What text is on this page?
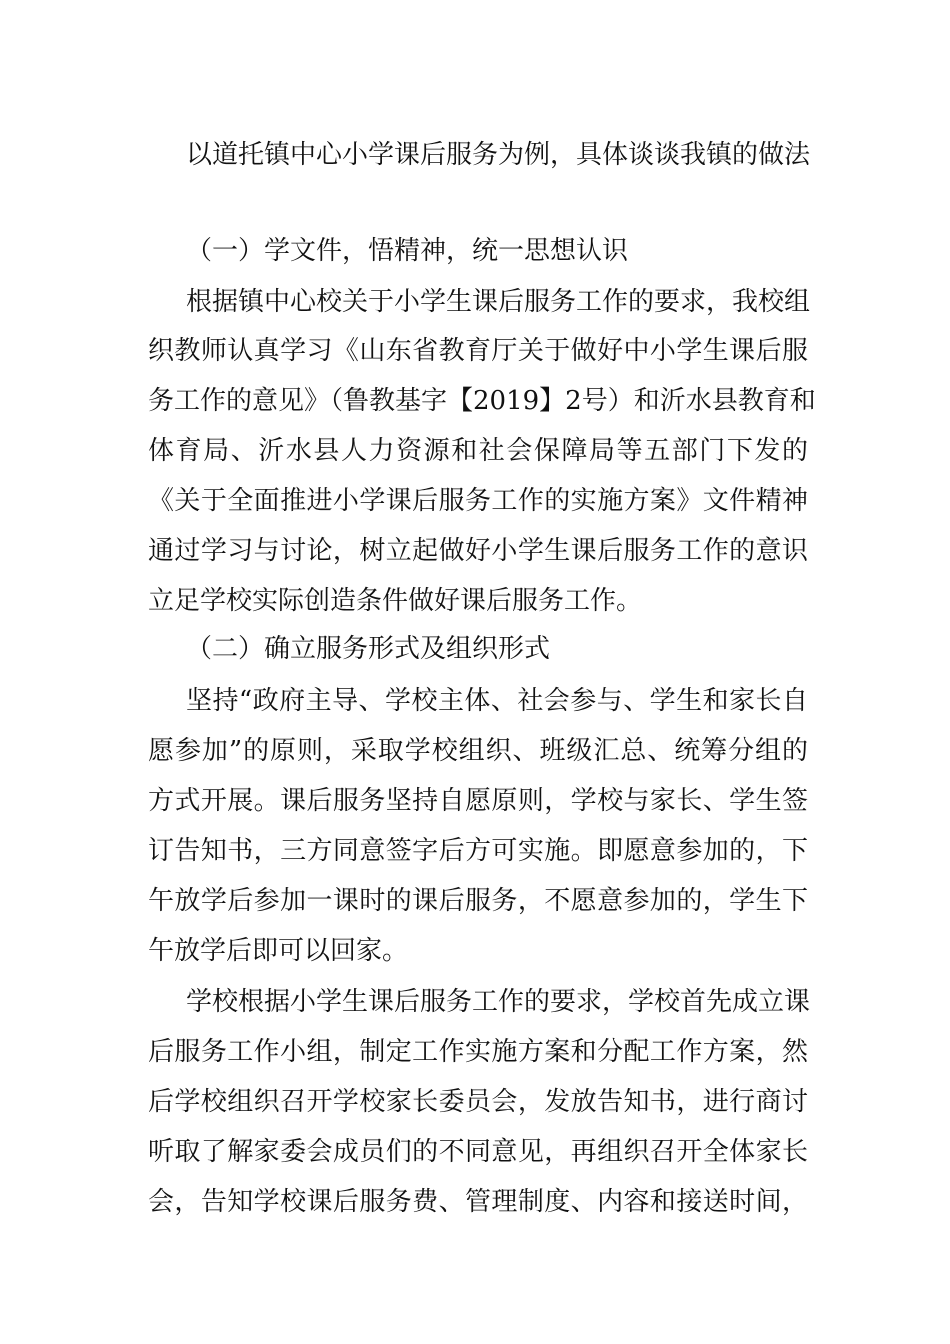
以道托镇中心小学课后服务为例，具体谈谈我镇的做法
（一）学文件，悟精神，统一思想认识
根据镇中心校关于小学生课后服务工作的要求，我校组
织教师认真学习《山东省教育厅关于做好中小学生课后服
务工作的意见》（鲁教基字【2019】2号）和沂水县教育和
体育局、沂水县人力资源和社会保障局等五部门下发的
《关于全面推进小学课后服务工作的实施方案》文件精神
通过学习与讨论，树立起做好小学生课后服务工作的意识
立足学校实际创造条件做好课后服务工作。
（二）确立服务形式及组织形式
坚持“政府主导、学校主体、社会参与、学生和家长自
愿参加”的原则，采取学校组织、班级汇总、统筹分组的
方式开展。课后服务坚持自愿原则，学校与家长、学生签
订告知书，三方同意签字后方可实施。即愿意参加的，下
午放学后参加一课时的课后服务，不愿意参加的，学生下
午放学后即可以回家。
学校根据小学生课后服务工作的要求，学校首先成立课
后服务工作小组，制定工作实施方案和分配工作方案，然
后学校组织召开学校家长委员会，发放告知书，进行商讨
听取了解家委会成员们的不同意见，再组织召开全体家长
会，告知学校课后服务费、管理制度、内容和接送时间，
